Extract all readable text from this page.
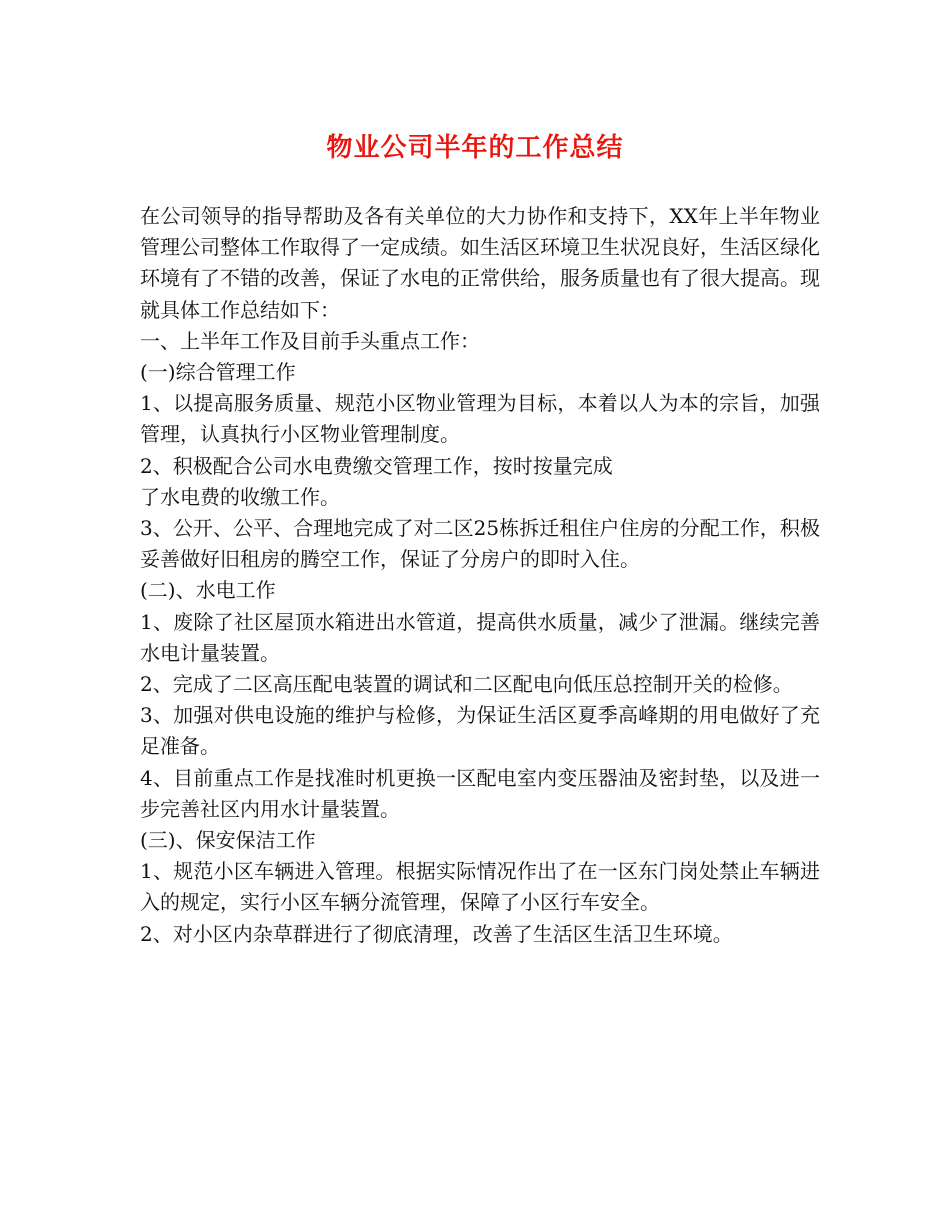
物业公司半年的工作总结

在公司领导的指导帮助及各有关单位的大力协作和支持下，XX年上半年物业管理公司整体工作取得了一定成绩。如生活区环境卫生状况良好，生活区绿化环境有了不错的改善，保证了水电的正常供给，服务质量也有了很大提高。现就具体工作总结如下：

一、上半年工作及目前手头重点工作：

(一)综合管理工作

1、以提高服务质量、规范小区物业管理为目标，本着以人为本的宗旨，加强管理，认真执行小区物业管理制度。

2、积极配合公司水电费缴交管理工作，按时按量完成

了水电费的收缴工作。

3、公开、公平、合理地完成了对二区25栋拆迁租住户住房的分配工作，积极妥善做好旧租房的腾空工作，保证了分房户的即时入住。

(二)、水电工作

1、废除了社区屋顶水箱进出水管道，提高供水质量，减少了泄漏。继续完善水电计量装置。

2、完成了二区高压配电装置的调试和二区配电向低压总控制开关的检修。

3、加强对供电设施的维护与检修，为保证生活区夏季高峰期的用电做好了充足准备。

4、目前重点工作是找准时机更换一区配电室内变压器油及密封垫，以及进一步完善社区内用水计量装置。

(三)、保安保洁工作

1、规范小区车辆进入管理。根据实际情况作出了在一区东门岗处禁止车辆进入的规定，实行小区车辆分流管理，保障了小区行车安全。

2、对小区内杂草群进行了彻底清理，改善了生活区生活卫生环境。
